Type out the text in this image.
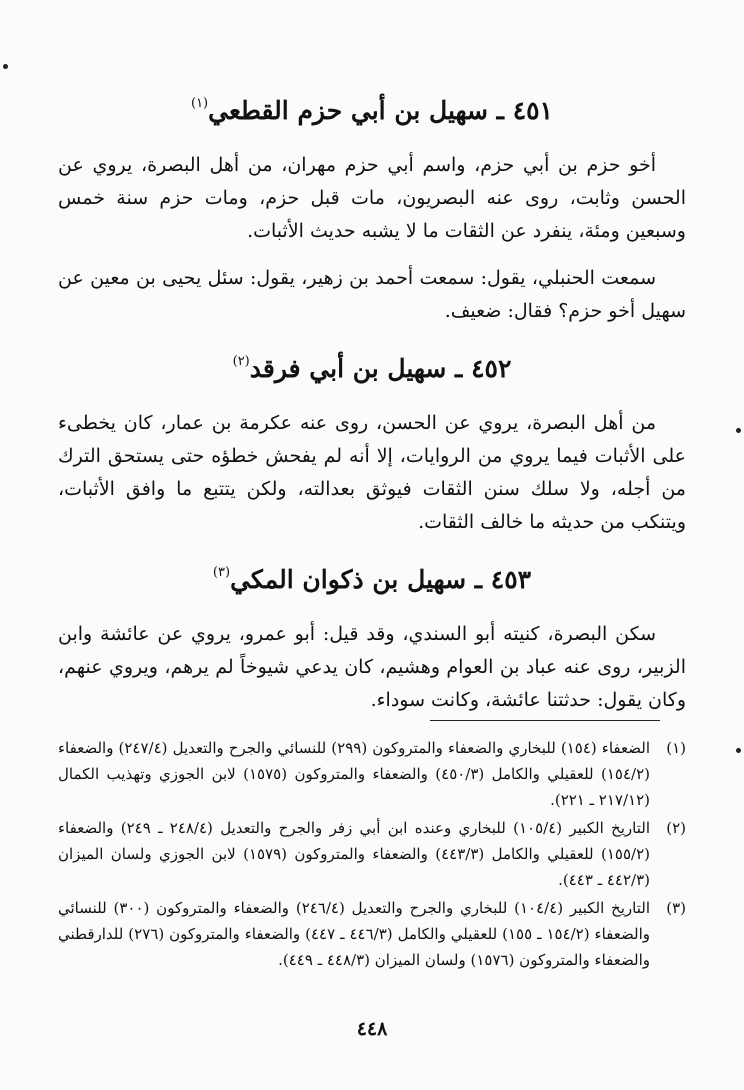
٤٥١ ـ سهيل بن أبي حزم القطعي$^{(١)}$

أخو حزم بن أبي حزم، واسم أبي حزم مهران، من أهل البصرة، يروي عن الحسن وثابت، روى عنه البصريون، مات قبل حزم، ومات حزم سنة خمس وسبعين ومئة، ينفرد عن الثقات ما لا يشبه حديث الأثبات.

سمعت الحنبلي، يقول: سمعت أحمد بن زهير، يقول: سئل يحيى بن معين عن سهيل أخو حزم؟ فقال: ضعيف.

٤٥٢ ـ سهيل بن أبي فرقد$^{(٢)}$

من أهل البصرة، يروي عن الحسن، روى عنه عكرمة بن عمار، كان يخطىء على الأثبات فيما يروي من الروايات، إلا أنه لم يفحش خطؤه حتى يستحق الترك من أجله، ولا سلك سنن الثقات فيوثق بعدالته، ولكن يتتبع ما وافق الأثبات، ويتنكب من حديثه ما خالف الثقات.

٤٥٣ ـ سهيل بن ذكوان المكي$^{(٣)}$

سكن البصرة، كنيته أبو السندي، وقد قيل: أبو عمرو، يروي عن عائشة وابن الزبير، روى عنه عباد بن العوام وهشيم، كان يدعي شيوخاً لم يرهم، ويروي عنهم، وكان يقول: حدثتنا عائشة، وكانت سوداء.

(١)
الضعفاء (١٥٤) للبخاري والضعفاء والمتروكون (٢٩٩) للنسائي والجرح والتعديل (٢٤٧/٤) والضعفاء (١٥٤/٢) للعقيلي والكامل (٤٥٠/٣) والضعفاء والمتروكون (١٥٧٥) لابن الجوزي وتهذيب الكمال (٢١٧/١٢ ـ ٢٢١).
(٢)
التاريخ الكبير (١٠٥/٤) للبخاري وعنده ابن أبي زفر والجرح والتعديل (٢٤٨/٤ ـ ٢٤٩) والضعفاء (١٥٥/٢) للعقيلي والكامل (٤٤٣/٣) والضعفاء والمتروكون (١٥٧٩) لابن الجوزي ولسان الميزان (٤٤٢/٣ ـ ٤٤٣).
(٣)
التاريخ الكبير (١٠٤/٤) للبخاري والجرح والتعديل (٢٤٦/٤) والضعفاء والمتروكون (٣٠٠) للنسائي والضعفاء (١٥٤/٢ ـ ١٥٥) للعقيلي والكامل (٤٤٦/٣ ـ ٤٤٧) والضعفاء والمتروكون (٢٧٦) للدارقطني والضعفاء والمتروكون (١٥٧٦) ولسان الميزان (٤٤٨/٣ ـ ٤٤٩).
٤٤٨
